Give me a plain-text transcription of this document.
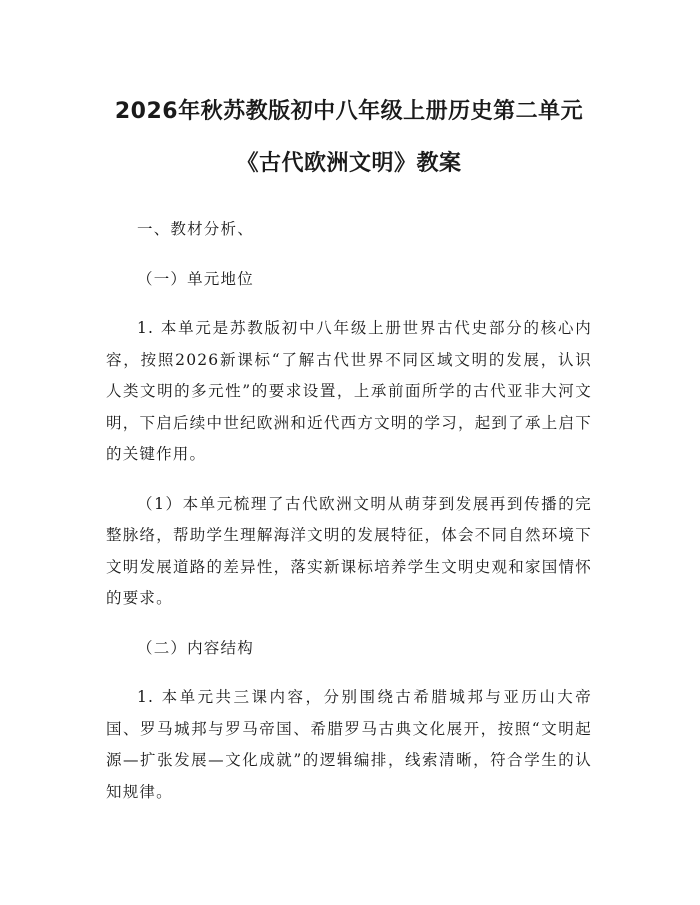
2026年秋苏教版初中八年级上册历史第二单元《古代欧洲文明》教案

一、教材分析、

（一）单元地位

1. 本单元是苏教版初中八年级上册世界古代史部分的核心内容，按照2026新课标“了解古代世界不同区域文明的发展，认识人类文明的多元性”的要求设置，上承前面所学的古代亚非大河文明，下启后续中世纪欧洲和近代西方文明的学习，起到了承上启下的关键作用。

（1）本单元梳理了古代欧洲文明从萌芽到发展再到传播的完整脉络，帮助学生理解海洋文明的发展特征，体会不同自然环境下文明发展道路的差异性，落实新课标培养学生文明史观和家国情怀的要求。

（二）内容结构

1. 本单元共三课内容，分别围绕古希腊城邦与亚历山大帝国、罗马城邦与罗马帝国、希腊罗马古典文化展开，按照“文明起源—扩张发展—文化成就”的逻辑编排，线索清晰，符合学生的认知规律。
